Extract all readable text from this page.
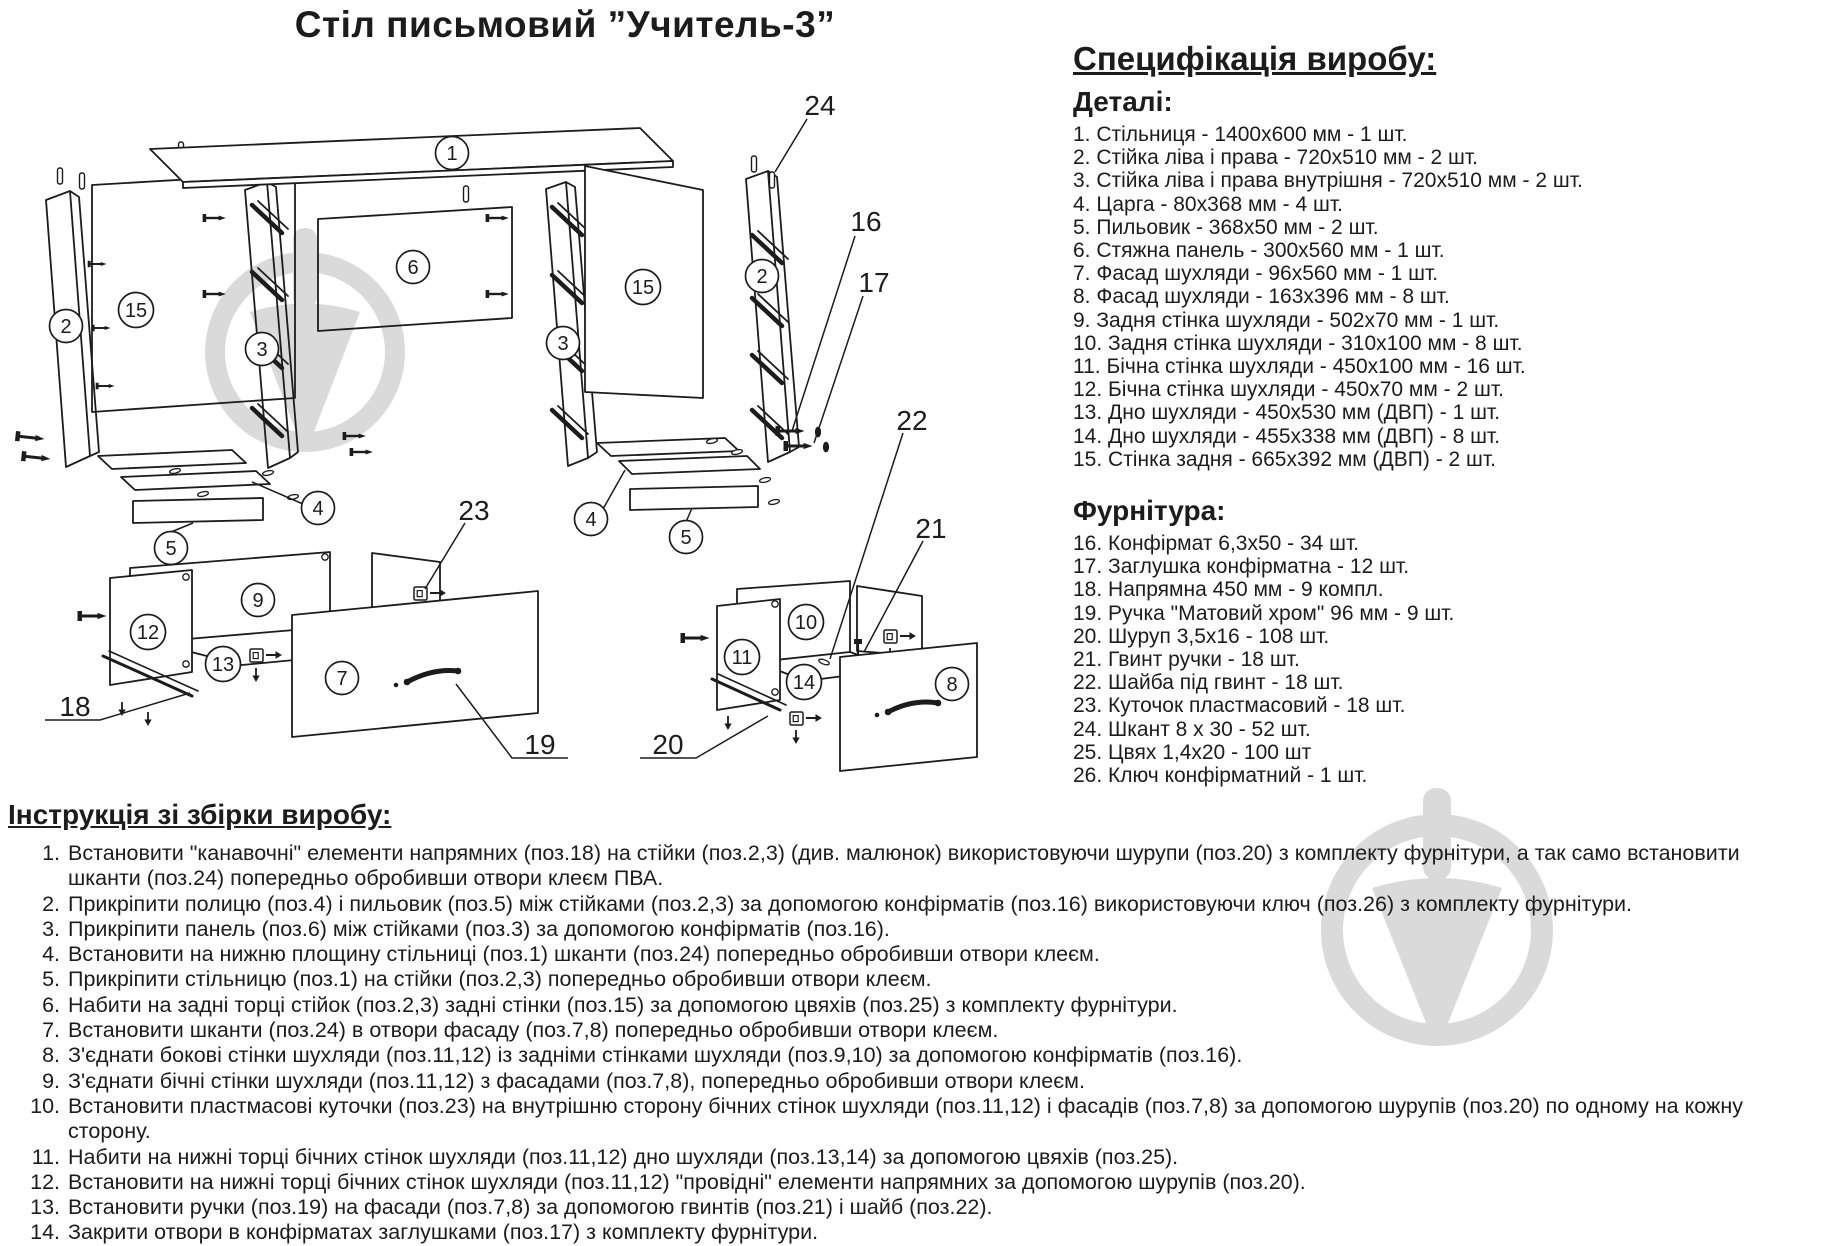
Стіл письмовий ”Учитель-3”
24
16
17
22
21
23
18
19	20
1
2
15
3
6
3
15	2
4
5
4
5
9
12
13
7
10
11
14	8
Специфікація виробу:
Деталі:
1. Стільниця - 1400х600 мм - 1 шт.
2. Стійка ліва і права - 720х510 мм - 2 шт.
3. Стійка ліва і права внутрішня - 720х510 мм - 2 шт.
4. Царга - 80х368 мм - 4 шт.
5. Пильовик - 368х50 мм - 2 шт.
6. Стяжна панель - 300х560 мм - 1 шт.
7. Фасад шухляди - 96х560 мм - 1 шт.
8. Фасад шухляди - 163х396 мм - 8 шт.
9. Задня стінка шухляди - 502х70 мм - 1 шт.
10. Задня стінка шухляди - 310х100 мм - 8 шт.
11. Бічна стінка шухляди - 450х100 мм - 16 шт.
12. Бічна стінка шухляди - 450х70 мм - 2 шт.
13. Дно шухляди - 450х530 мм (ДВП) - 1 шт.
14. Дно шухляди - 455х338 мм (ДВП) - 8 шт.
15. Стінка задня - 665х392 мм (ДВП) - 2 шт.
Фурнітура:
16. Конфірмат 6,3х50 - 34 шт.
17. Заглушка конфірматна - 12 шт.
18. Напрямна 450 мм - 9 компл.
19. Ручка "Матовий хром" 96 мм - 9 шт.
20. Шуруп 3,5х16 - 108 шт.
21. Гвинт ручки - 18 шт.
22. Шайба під гвинт - 18 шт.
23. Куточок пластмасовий - 18 шт.
24. Шкант 8 х 30 - 52 шт.
25. Цвях 1,4х20 - 100 шт
26. Ключ конфірматний - 1 шт.
Інструкція зі збірки виробу:
1. Встановити "канавочні" елементи напрямних (поз.18) на стійки (поз.2,3) (див. малюнок) використовуючи шурупи (поз.20) з комплекту фурнітури, а так само встановити
шканти (поз.24) попередньо обробивши отвори клеєм ПВА.
2. Прикріпити полицю (поз.4) і пильовик (поз.5) між стійками (поз.2,3) за допомогою конфірматів (поз.16) використовуючи ключ (поз.26) з комплекту фурнітури.
3. Прикріпити панель (поз.6) між стійками (поз.3) за допомогою конфірматів (поз.16).
4. Встановити на нижню площину стільниці (поз.1) шканти (поз.24) попередньо обробивши отвори клеєм.
5. Прикріпити стільницю (поз.1) на стійки (поз.2,3) попередньо обробивши отвори клеєм.
6. Набити на задні торці стійок (поз.2,3) задні стінки (поз.15) за допомогою цвяхів (поз.25) з комплекту фурнітури.
7. Встановити шканти (поз.24) в отвори фасаду (поз.7,8) попередньо обробивши отвори клеєм.
8. З'єднати бокові стінки шухляди (поз.11,12) із задніми стінками шухляди (поз.9,10) за допомогою конфірматів (поз.16).
9. З'єднати бічні стінки шухляди (поз.11,12) з фасадами (поз.7,8), попередньо обробивши отвори клеєм.
10. Встановити пластмасові куточки (поз.23) на внутрішню сторону бічних стінок шухляди (поз.11,12) і фасадів (поз.7,8) за допомогою шурупів (поз.20) по одному на кожну
сторону.
11. Набити на нижні торці бічних стінок шухляди (поз.11,12) дно шухляди (поз.13,14) за допомогою цвяхів (поз.25).
12. Встановити на нижні торці бічних стінок шухляди (поз.11,12) "провідні" елементи напрямних за допомогою шурупів (поз.20).
13. Встановити ручки (поз.19) на фасади (поз.7,8) за допомогою гвинтів (поз.21) і шайб (поз.22).
14. Закрити отвори в конфірматах заглушками (поз.17) з комплекту фурнітури.
